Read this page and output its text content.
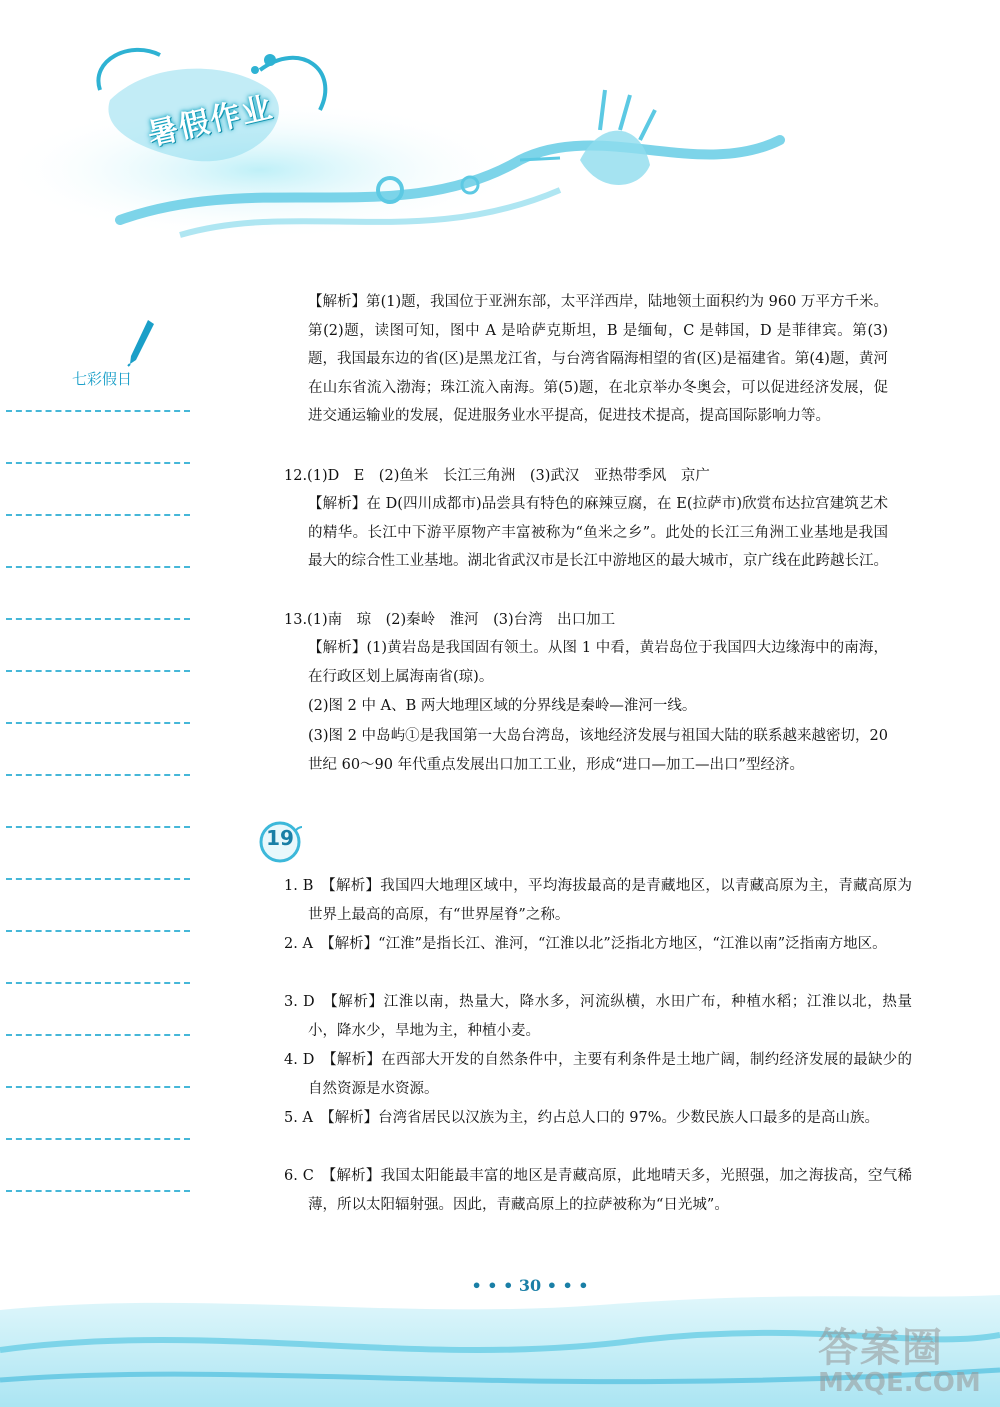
暑假作业
七彩假日

【解析】第(1)题，我国位于亚洲东部，太平洋西岸，陆地领土面积约为 960 万平方千米。第(2)题，读图可知，图中 A 是哈萨克斯坦，B 是缅甸，C 是韩国，D 是菲律宾。第(3)题，我国最东边的省(区)是黑龙江省，与台湾省隔海相望的省(区)是福建省。第(4)题，黄河在山东省流入渤海；珠江流入南海。第(5)题，在北京举办冬奥会，可以促进经济发展，促进交通运输业的发展，促进服务业水平提高，促进技术提高，提高国际影响力等。

12.(1)D　E　(2)鱼米　长江三角洲　(3)武汉　亚热带季风　京广

【解析】在 D(四川成都市)品尝具有特色的麻辣豆腐，在 E(拉萨市)欣赏布达拉宫建筑艺术的精华。长江中下游平原物产丰富被称为“鱼米之乡”。此处的长江三角洲工业基地是我国最大的综合性工业基地。湖北省武汉市是长江中游地区的最大城市，京广线在此跨越长江。

13.(1)南　琼　(2)秦岭　淮河　(3)台湾　出口加工

【解析】(1)黄岩岛是我国固有领土。从图 1 中看，黄岩岛位于我国四大边缘海中的南海，在行政区划上属海南省(琼)。

(2)图 2 中 A、B 两大地理区域的分界线是秦岭—淮河一线。

(3)图 2 中岛屿①是我国第一大岛台湾岛，该地经济发展与祖国大陆的联系越来越密切，20 世纪 60～90 年代重点发展出口加工工业，形成“进口—加工—出口”型经济。

1. B　【解析】我国四大地理区域中，平均海拔最高的是青藏地区，以青藏高原为主，青藏高原为世界上最高的高原，有“世界屋脊”之称。

2. A　【解析】“江淮”是指长江、淮河，“江淮以北”泛指北方地区，“江淮以南”泛指南方地区。

3. D　【解析】江淮以南，热量大，降水多，河流纵横，水田广布，种植水稻；江淮以北，热量小，降水少，旱地为主，种植小麦。

4. D　【解析】在西部大开发的自然条件中，主要有利条件是土地广阔，制约经济发展的最缺少的自然资源是水资源。

5. A　【解析】台湾省居民以汉族为主，约占总人口的 97%。少数民族人口最多的是高山族。

6. C　【解析】我国太阳能最丰富的地区是青藏高原，此地晴天多，光照强，加之海拔高，空气稀薄，所以太阳辐射强。因此，青藏高原上的拉萨被称为“日光城”。

19
• • • 30 • • •
答案圈
MXQE.COM
